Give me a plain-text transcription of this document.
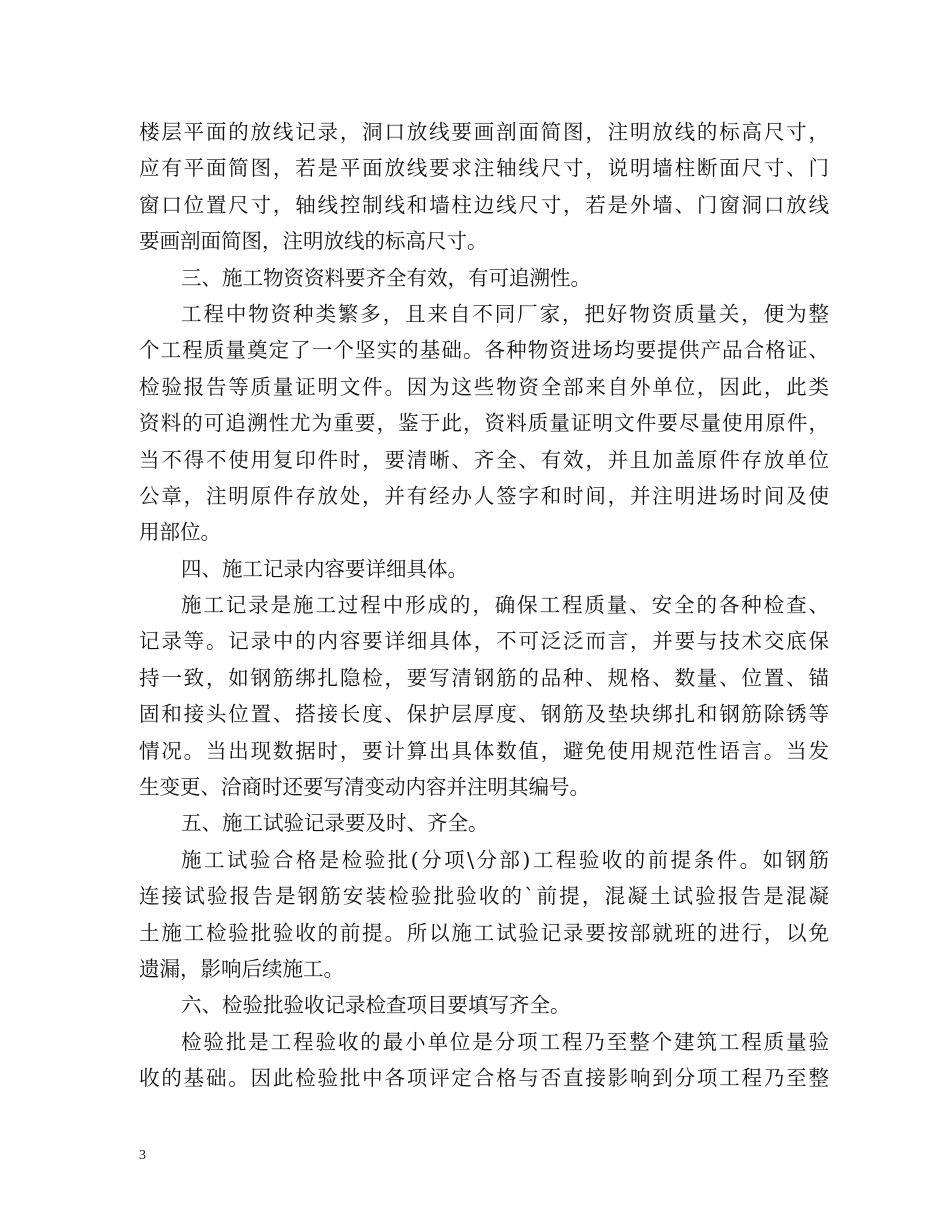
楼层平面的放线记录，洞口放线要画剖面简图，注明放线的标高尺寸，
应有平面简图，若是平面放线要求注轴线尺寸，说明墙柱断面尺寸、门
窗口位置尺寸，轴线控制线和墙柱边线尺寸，若是外墙、门窗洞口放线
要画剖面简图，注明放线的标高尺寸。
三、施工物资资料要齐全有效，有可追溯性。
工程中物资种类繁多，且来自不同厂家，把好物资质量关，便为整
个工程质量奠定了一个坚实的基础。各种物资进场均要提供产品合格证、
检验报告等质量证明文件。因为这些物资全部来自外单位，因此，此类
资料的可追溯性尤为重要，鉴于此，资料质量证明文件要尽量使用原件，
当不得不使用复印件时，要清晰、齐全、有效，并且加盖原件存放单位
公章，注明原件存放处，并有经办人签字和时间，并注明进场时间及使
用部位。
四、施工记录内容要详细具体。
施工记录是施工过程中形成的，确保工程质量、安全的各种检查、
记录等。记录中的内容要详细具体，不可泛泛而言，并要与技术交底保
持一致，如钢筋绑扎隐检，要写清钢筋的品种、规格、数量、位置、锚
固和接头位置、搭接长度、保护层厚度、钢筋及垫块绑扎和钢筋除锈等
情况。当出现数据时，要计算出具体数值，避免使用规范性语言。当发
生变更、洽商时还要写清变动内容并注明其编号。
五、施工试验记录要及时、齐全。
施工试验合格是检验批(分项\分部)工程验收的前提条件。如钢筋
连接试验报告是钢筋安装检验批验收的`前提，混凝土试验报告是混凝
土施工检验批验收的前提。所以施工试验记录要按部就班的进行，以免
遗漏，影响后续施工。
六、检验批验收记录检查项目要填写齐全。
检验批是工程验收的最小单位是分项工程乃至整个建筑工程质量验
收的基础。因此检验批中各项评定合格与否直接影响到分项工程乃至整
3
